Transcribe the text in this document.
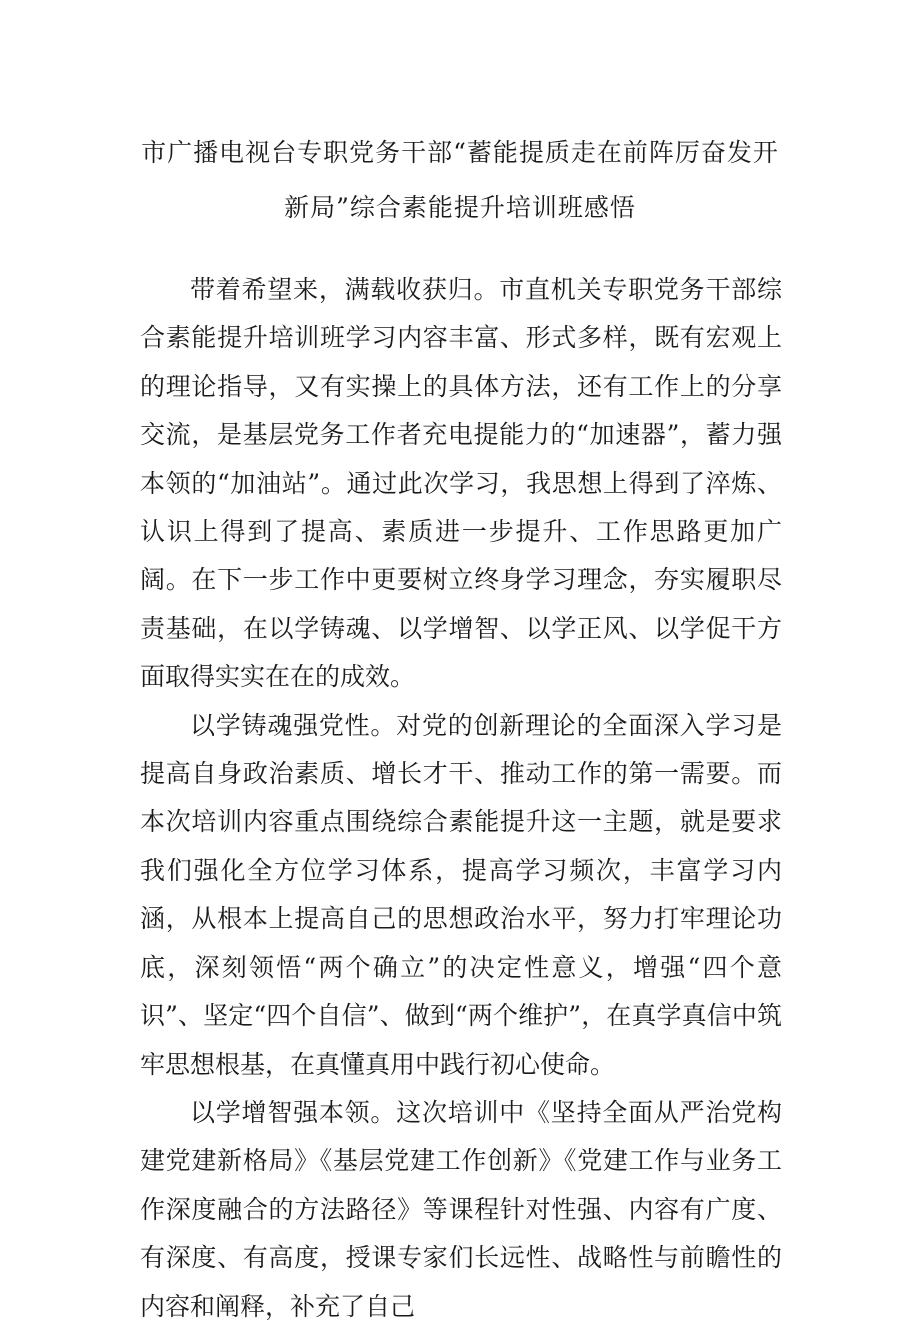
市广播电视台专职党务干部“蓄能提质走在前阵厉奋发开
新局”综合素能提升培训班感悟

带着希望来，满载收获归。市直机关专职党务干部综合素能提升培训班学习内容丰富、形式多样，既有宏观上的理论指导，又有实操上的具体方法，还有工作上的分享交流，是基层党务工作者充电提能力的“加速器”，蓄力强本领的“加油站”。通过此次学习，我思想上得到了淬炼、认识上得到了提高、素质进一步提升、工作思路更加广阔。在下一步工作中更要树立终身学习理念，夯实履职尽责基础，在以学铸魂、以学增智、以学正风、以学促干方面取得实实在在的成效。

以学铸魂强党性。对党的创新理论的全面深入学习是提高自身政治素质、增长才干、推动工作的第一需要。而本次培训内容重点围绕综合素能提升这一主题，就是要求我们强化全方位学习体系，提高学习频次，丰富学习内涵，从根本上提高自己的思想政治水平，努力打牢理论功底，深刻领悟“两个确立”的决定性意义，增强“四个意识”、坚定“四个自信”、做到“两个维护”，在真学真信中筑牢思想根基，在真懂真用中践行初心使命。

以学增智强本领。这次培训中《坚持全面从严治党构建党建新格局》《基层党建工作创新》《党建工作与业务工作深度融合的方法路径》等课程针对性强、内容有广度、有深度、有高度，授课专家们长远性、战略性与前瞻性的内容和阐释，补充了自己
